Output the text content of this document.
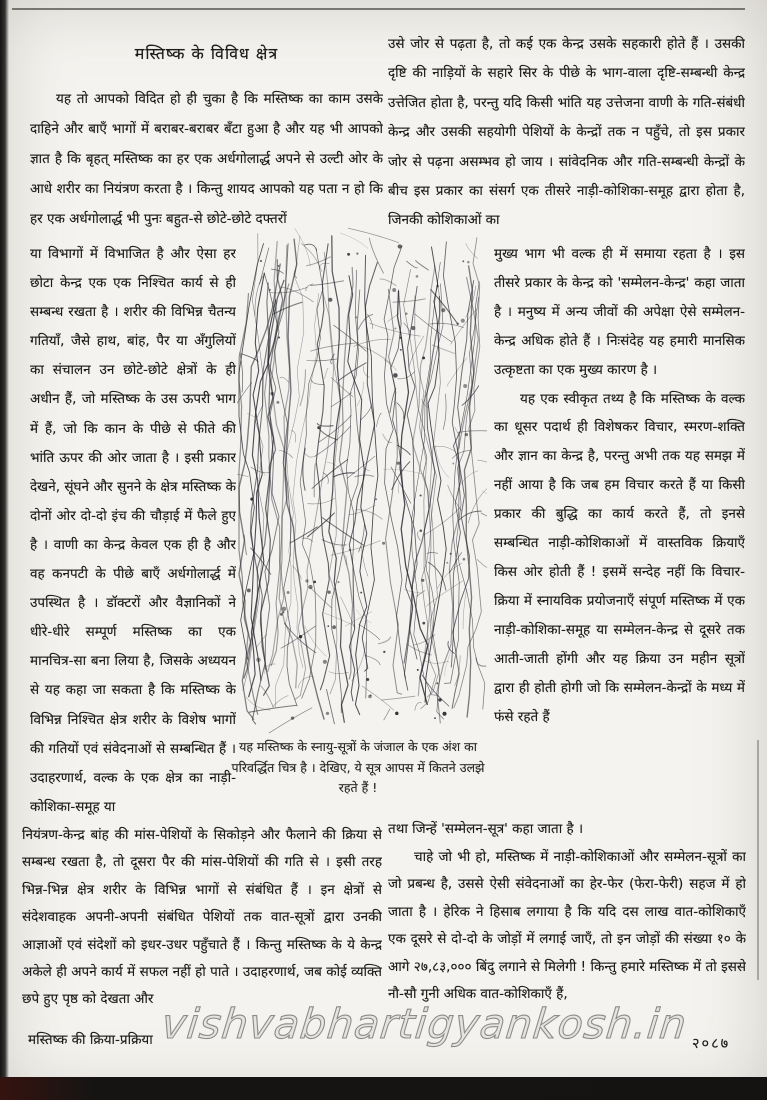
मस्तिष्क के विविध क्षेत्र
यह तो आपको विदित हो ही चुका है कि मस्तिष्क का काम उसके दाहिने और बाएँ भागों में बराबर-बराबर बँटा हुआ है और यह भी आपको ज्ञात है कि बृहत् मस्तिष्क का हर एक अर्धगोलार्द्ध अपने से उल्टी ओर के आधे शरीर का नियंत्रण करता है । किन्तु शायद आपको यह पता न हो कि हर एक अर्धगोलार्द्ध भी पुनः बहुत-से छोटे-छोटे दफ्तरों
या विभागों में विभाजित है और ऐसा हर छोटा केन्द्र एक एक निश्चित कार्य से ही सम्बन्ध रखता है । शरीर की विभिन्न चैतन्य गतियाँ, जैसे हाथ, बांह, पैर या अँगुलियों का संचालन उन छोटे-छोटे क्षेत्रों के ही अधीन हैं, जो मस्तिष्क के उस ऊपरी भाग में हैं, जो कि कान के पीछे से फीते की भांति ऊपर की ओर जाता है । इसी प्रकार देखने, सूंघने और सुनने के क्षेत्र मस्तिष्क के दोनों ओर दो-दो इंच की चौड़ाई में फैले हुए है । वाणी का केन्द्र केवल एक ही है और वह कनपटी के पीछे बाएँ अर्धगोलार्द्ध में उपस्थित है । डॉक्टरों और वैज्ञानिकों ने धीरे-धीरे सम्पूर्ण मस्तिष्क का एक मानचित्र-सा बना लिया है, जिसके अध्ययन से यह कहा जा सकता है कि मस्तिष्क के विभिन्न निश्चित क्षेत्र शरीर के विशेष भागों की गतियों एवं संवेदनाओं से सम्बन्धित हैं । उदाहरणार्थ, वल्क के एक क्षेत्र का नाड़ी-कोशिका-समूह या
नियंत्रण-केन्द्र बांह की मांस-पेशियों के सिकोड़ने और फैलाने की क्रिया से सम्बन्ध रखता है, तो दूसरा पैर की मांस-पेशियों की गति से । इसी तरह भिन्न-भिन्न क्षेत्र शरीर के विभिन्न भागों से संबंधित हैं । इन क्षेत्रों से संदेशवाहक अपनी-अपनी संबंधित पेशियों तक वात-सूत्रों द्वारा उनकी आज्ञाओं एवं संदेशों को इधर-उधर पहुँचाते हैं । किन्तु मस्तिष्क के ये केन्द्र अकेले ही अपने कार्य में सफल नहीं हो पाते । उदाहरणार्थ, जब कोई व्यक्ति छपे हुए पृष्ठ को देखता और
यह मस्तिष्क के स्नायु-सूत्रों के जंजाल के एक अंश का परिवर्द्धित चित्र है । देखिए, ये सूत्र आपस में कितने उलझे रहते हैं !
उसे जोर से पढ़ता है, तो कई एक केन्द्र उसके सहकारी होते हैं । उसकी दृष्टि की नाड़ियों के सहारे सिर के पीछे के भाग-वाला दृष्टि-सम्बन्धी केन्द्र उत्तेजित होता है, परन्तु यदि किसी भांति यह उत्तेजना वाणी के गति-संबंधी केन्द्र और उसकी सहयोगी पेशियों के केन्द्रों तक न पहुँचे, तो इस प्रकार जोर से पढ़ना असम्भव हो जाय । सांवेदनिक और गति-सम्बन्धी केन्द्रों के बीच इस प्रकार का संसर्ग एक तीसरे नाड़ी-कोशिका-समूह द्वारा होता है, जिनकी कोशिकाओं का

मुख्य भाग भी वल्क ही में समाया रहता है । इस तीसरे प्रकार के केन्द्र को 'सम्मेलन-केन्द्र' कहा जाता है । मनुष्य में अन्य जीवों की अपेक्षा ऐसे सम्मेलन-केन्द्र अधिक होते हैं । निःसंदेह यह हमारी मानसिक उत्कृष्टता का एक मुख्य कारण है ।

यह एक स्वीकृत तथ्य है कि मस्तिष्क के वल्क का धूसर पदार्थ ही विशेषकर विचार, स्मरण-शक्ति और ज्ञान का केन्द्र है, परन्तु अभी तक यह समझ में नहीं आया है कि जब हम विचार करते हैं या किसी प्रकार की बुद्धि का कार्य करते हैं, तो इनसे सम्बन्धित नाड़ी-कोशिकाओं में वास्तविक क्रियाएँ किस ओर होती हैं ! इसमें सन्देह नहीं कि विचार-क्रिया में स्नायविक प्रयोजनाएँ संपूर्ण मस्तिष्क में एक नाड़ी-कोशिका-समूह या सम्मेलन-केन्द्र से दूसरे तक आती-जाती होंगी और यह क्रिया उन महीन सूत्रों द्वारा ही होती होगी जो कि सम्मेलन-केन्द्रों के मध्य में फंसे रहते हैं

तथा जिन्हें 'सम्मेलन-सूत्र' कहा जाता है ।

चाहे जो भी हो, मस्तिष्क में नाड़ी-कोशिकाओं और सम्मेलन-सूत्रों का जो प्रबन्ध है, उससे ऐसी संवेदनाओं का हेर-फेर (फेरा-फेरी) सहज में हो जाता है । हेरिक ने हिसाब लगाया है कि यदि दस लाख वात-कोशिकाएँ एक दूसरे से दो-दो के जोड़ों में लगाई जाएँ, तो इन जोड़ों की संख्या १० के आगे २७,८३,००० बिंदु लगाने से मिलेगी ! किन्तु हमारे मस्तिष्क में तो इससे नौ-सौ गुनी अधिक वात-कोशिकाएँ हैं,

मस्तिष्क की क्रिया-प्रक्रिया vishvabhartigyankosh.in २०८७
